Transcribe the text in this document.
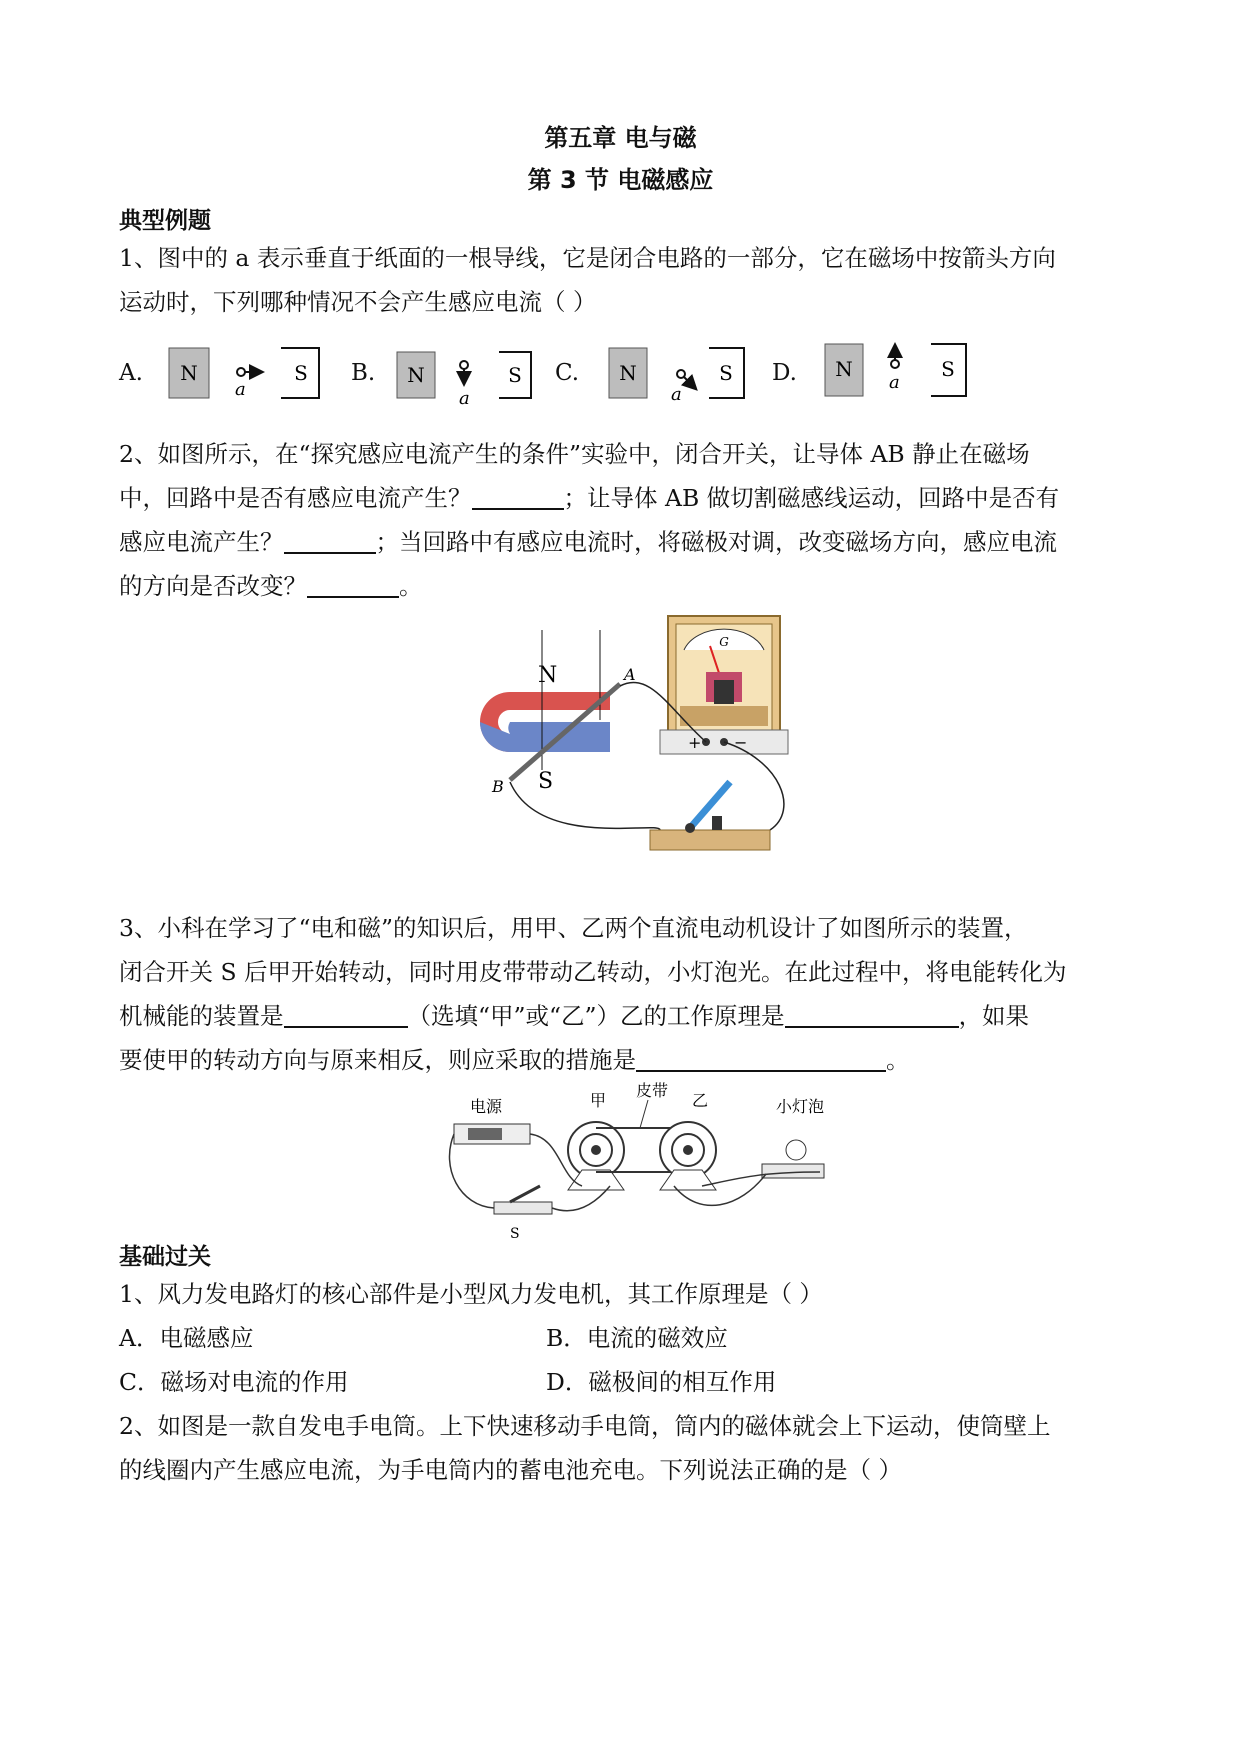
第五章 电与磁
第 3 节 电磁感应
典型例题
1、图中的 a 表示垂直于纸面的一根导线，它是闭合电路的一部分，它在磁场中按箭头方向
运动时，下列哪种情况不会产生感应电流（ ）
A.	B.	C.	D.
N
a
S	N
a
S	N
a
S	N
a
S
2、如图所示，在“探究感应电流产生的条件”实验中，闭合开关，让导体 AB 静止在磁场
中，回路中是否有感应电流产生？	；让导体 AB 做切割磁感线运动，回路中是否有
感应电流产生？	；当回路中有感应电流时，将磁极对调，改变磁场方向，感应电流
的方向是否改变？	。
G
+ −
N
S
A
B
3、小科在学习了“电和磁”的知识后，用甲、乙两个直流电动机设计了如图所示的装置，
闭合开关 S 后甲开始转动，同时用皮带带动乙转动，小灯泡光。在此过程中，将电能转化为
机械能的装置是	（选填“甲”或“乙”）乙的工作原理是	，如果
要使甲的转动方向与原来相反，则应采取的措施是	。
电源
S
甲
皮带
乙	小灯泡
基础过关
1、风力发电路灯的核心部件是小型风力发电机，其工作原理是（ ）
A．电磁感应	B．电流的磁效应
C．磁场对电流的作用	D．磁极间的相互作用
2、如图是一款自发电手电筒。上下快速移动手电筒，筒内的磁体就会上下运动，使筒壁上
的线圈内产生感应电流，为手电筒内的蓄电池充电。下列说法正确的是（ ）
